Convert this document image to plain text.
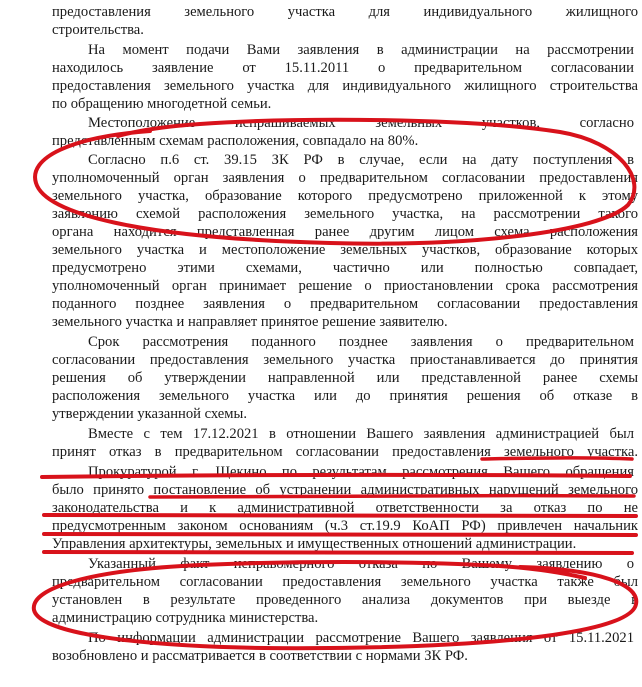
предоставления земельного участка для индивидуального жилищного
строительства.
На момент подачи Вами заявления в администрации на рассмотрении
находилось заявление от 15.11.2011 о предварительном согласовании
предоставления земельного участка для индивидуального жилищного строительства
по обращению многодетной семьи.
Местоположение испрашиваемых земельных участков, согласно
представленным схемам расположения, совпадало на 80%.
Согласно п.6 ст. 39.15 ЗК РФ в случае, если на дату поступления в
уполномоченный орган заявления о предварительном согласовании предоставления
земельного участка, образование которого предусмотрено приложенной к этому
заявлению схемой расположения земельного участка, на рассмотрении такого
органа находится представленная ранее другим лицом схема расположения
земельного участка и местоположение земельных участков, образование которых
предусмотрено этими схемами, частично или полностью совпадает,
уполномоченный орган принимает решение о приостановлении срока рассмотрения
поданного позднее заявления о предварительном согласовании предоставления
земельного участка и направляет принятое решение заявителю.
Срок рассмотрения поданного позднее заявления о предварительном
согласовании предоставления земельного участка приостанавливается до принятия
решения об утверждении направленной или представленной ранее схемы
расположения земельного участка или до принятия решения об отказе в
утверждении указанной схемы.
Вместе с тем 17.12.2021 в отношении Вашего заявления администрацией был
принят отказ в предварительном согласовании предоставления земельного участка.
Прокуратурой г. Щекино по результатам рассмотрения Вашего обращения
было принято постановление об устранении административных нарушений земельного
законодательства и к административной ответственности за отказ по не
предусмотренным законом основаниям (ч.3 ст.19.9 КоАП РФ) привлечен начальник
Управления архитектуры, земельных и имущественных отношений администрации.
Указанный факт неправомерного отказа по Вашему заявлению о
предварительном согласовании предоставления земельного участка также был
установлен в результате проведенного анализа документов при выезде в
администрацию сотрудника министерства.
По информации администрации рассмотрение Вашего заявления от 15.11.2021
возобновлено и рассматривается в соответствии с нормами ЗК РФ.
